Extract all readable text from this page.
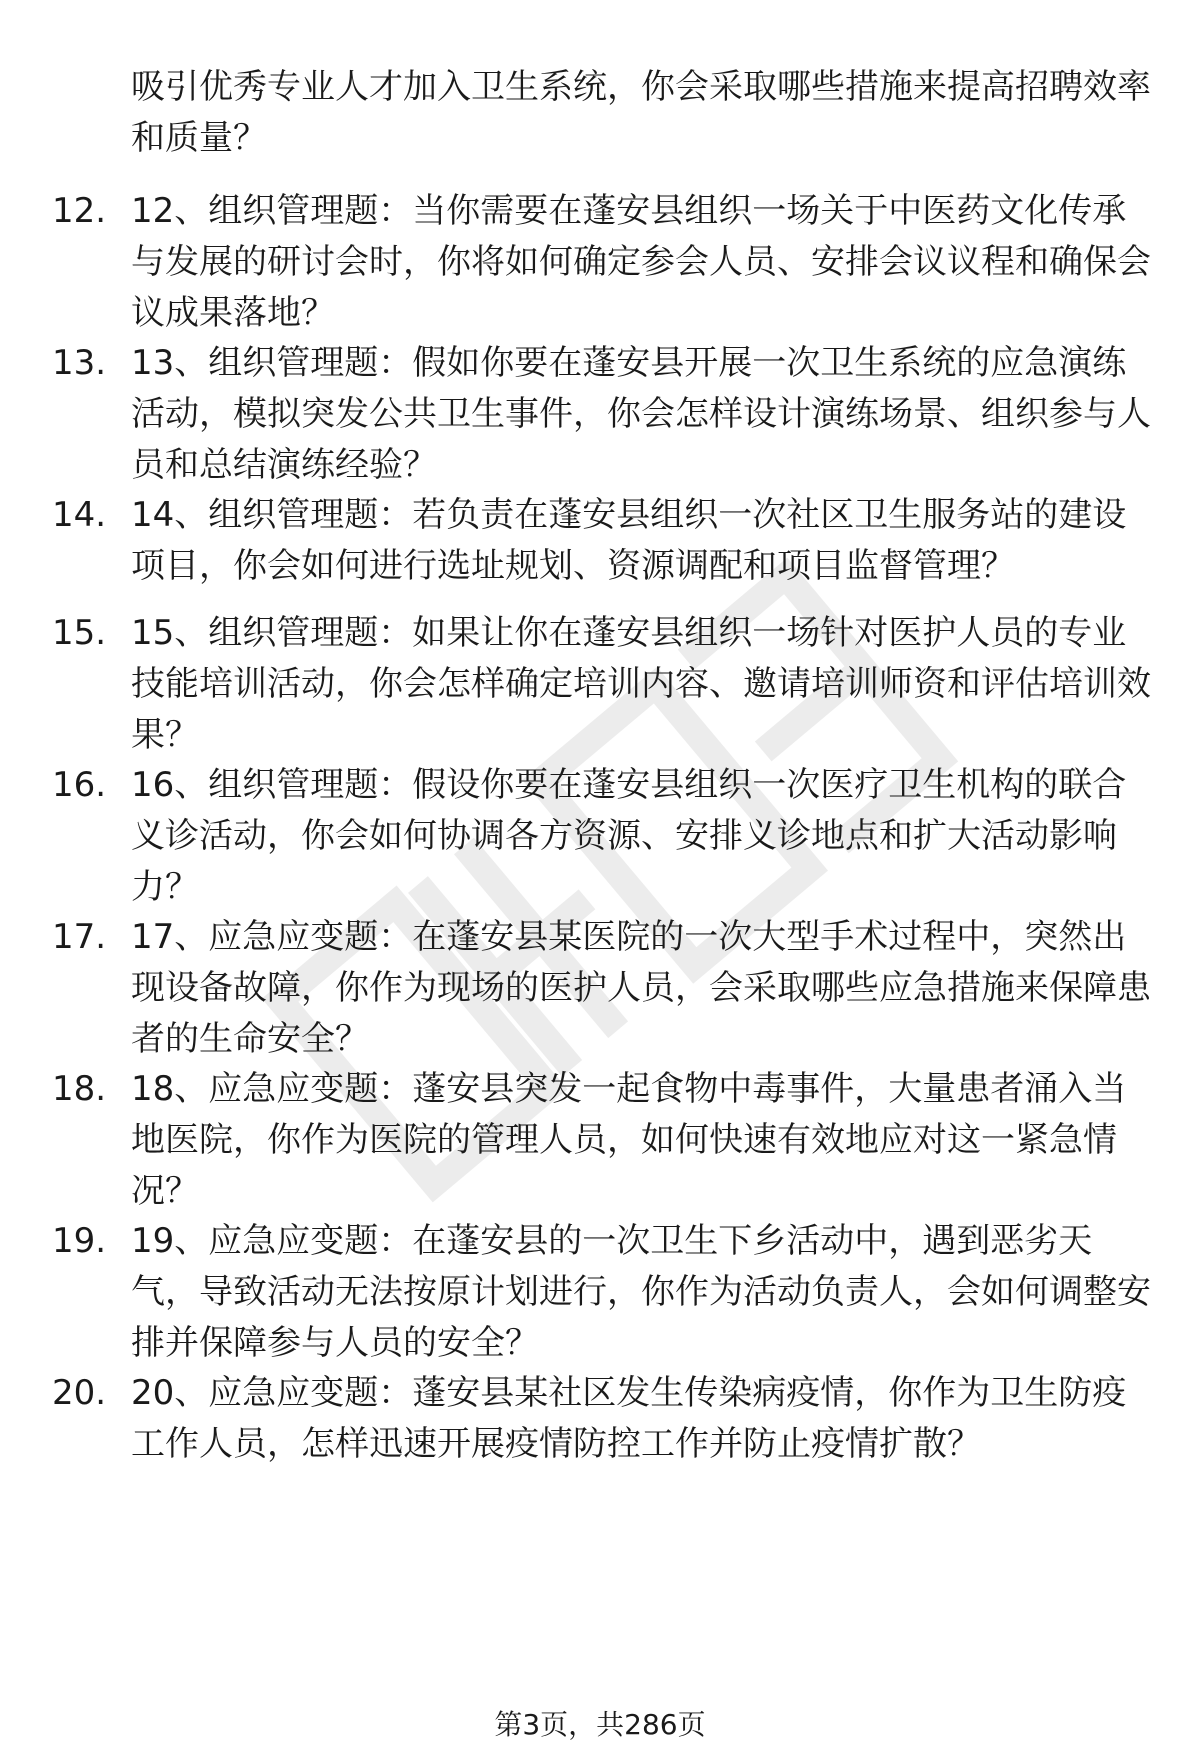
吸引优秀专业人才加入卫生系统，你会采取哪些措施来提高招聘效率和质量？

12. 12、组织管理题：当你需要在蓬安县组织一场关于中医药文化传承与发展的研讨会时，你将如何确定参会人员、安排会议议程和确保会议成果落地？

13. 13、组织管理题：假如你要在蓬安县开展一次卫生系统的应急演练活动，模拟突发公共卫生事件，你会怎样设计演练场景、组织参与人员和总结演练经验？

14. 14、组织管理题：若负责在蓬安县组织一次社区卫生服务站的建设项目，你会如何进行选址规划、资源调配和项目监督管理？

15. 15、组织管理题：如果让你在蓬安县组织一场针对医护人员的专业技能培训活动，你会怎样确定培训内容、邀请培训师资和评估培训效果？

16. 16、组织管理题：假设你要在蓬安县组织一次医疗卫生机构的联合义诊活动，你会如何协调各方资源、安排义诊地点和扩大活动影响力？

17. 17、应急应变题：在蓬安县某医院的一次大型手术过程中，突然出现设备故障，你作为现场的医护人员，会采取哪些应急措施来保障患者的生命安全？

18. 18、应急应变题：蓬安县突发一起食物中毒事件，大量患者涌入当地医院，你作为医院的管理人员，如何快速有效地应对这一紧急情况？

19. 19、应急应变题：在蓬安县的一次卫生下乡活动中，遇到恶劣天气，导致活动无法按原计划进行，你作为活动负责人，会如何调整安排并保障参与人员的安全？

20. 20、应急应变题：蓬安县某社区发生传染病疫情，你作为卫生防疫工作人员，怎样迅速开展疫情防控工作并防止疫情扩散？

第3页，共286页
